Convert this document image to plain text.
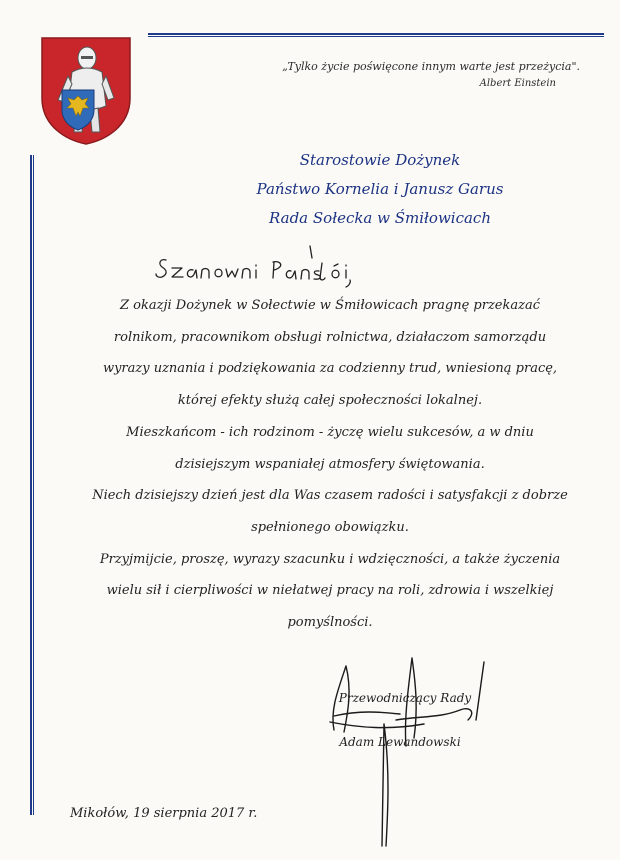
„Tylko życie poświęcone innym warte jest przeżycia".
Albert Einstein
Starostowie Dożynek
Państwo Kornelia i Janusz Garus
Rada Sołecka w Śmiłowicach
Z okazji Dożynek w Sołectwie w Śmiłowicach pragnę przekazać
rolnikom, pracownikom obsługi rolnictwa, działaczom samorządu
wyrazy uznania i podziękowania za codzienny trud, wniesioną pracę,
której efekty służą całej społeczności lokalnej.
Mieszkańcom - ich rodzinom - życzę wielu sukcesów, a w dniu
dzisiejszym wspaniałej atmosfery świętowania.
Niech dzisiejszy dzień jest dla Was czasem radości i satysfakcji z dobrze
spełnionego obowiązku.
Przyjmijcie, proszę, wyrazy szacunku i wdzięczności, a także życzenia
wielu sił i cierpliwości w niełatwej pracy na roli, zdrowia i wszelkiej
pomyślności.
Przewodniczący Rady
Adam Lewandowski
Mikołów, 19 sierpnia 2017 r.
